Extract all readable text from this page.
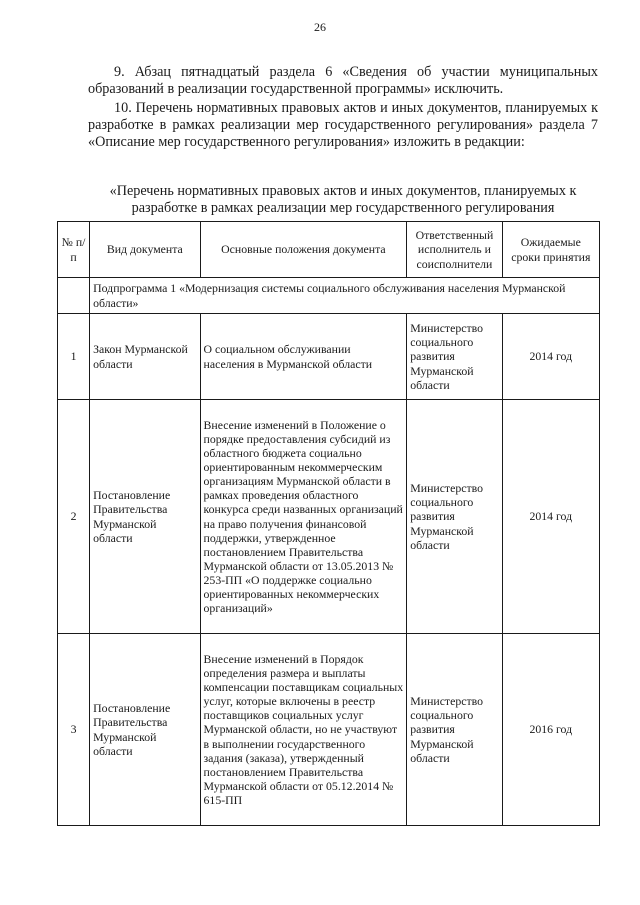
26

9. Абзац пятнадцатый раздела 6 «Сведения об участии муниципальных образований в реализации государственной программы» исключить.

10. Перечень нормативных правовых актов и иных документов, планируемых к разработке в рамках реализации мер государственного регулирования» раздела 7 «Описание мер государственного регулирования» изложить в редакции:

«Перечень нормативных правовых актов и иных документов, планируемых к разработке в рамках реализации мер государственного регулирования
№ п/п	Вид документа	Основные положения документа	Ответственный исполнитель и соисполнители	Ожидаемые сроки принятия
	Подпрограмма 1 «Модернизация системы социального обслуживания населения Мурманской области»			
1	Закон Мурманской области	О социальном обслуживании населения в Мурманской области	Министерство социального развития Мурманской области	2014 год
2	Постановление Правительства Мурманской области	Внесение изменений в Положение о порядке предоставления субсидий из областного бюджета социально ориентированным некоммерческим организациям Мурманской области в рамках проведения областного конкурса среди названных организаций на право получения финансовой поддержки, утвержденное постановлением Правительства Мурманской области от 13.05.2013 № 253-ПП «О поддержке социально ориентированных некоммерческих организаций»	Министерство социального развития Мурманской области	2014 год
3	Постановление Правительства Мурманской области	Внесение изменений в Порядок определения размера и выплаты компенсации поставщикам социальных услуг, которые включены в реестр поставщиков социальных услуг Мурманской области, но не участвуют в выполнении государственного задания (заказа), утвержденный постановлением Правительства Мурманской области от 05.12.2014 № 615-ПП	Министерство социального развития Мурманской области	2016 год
